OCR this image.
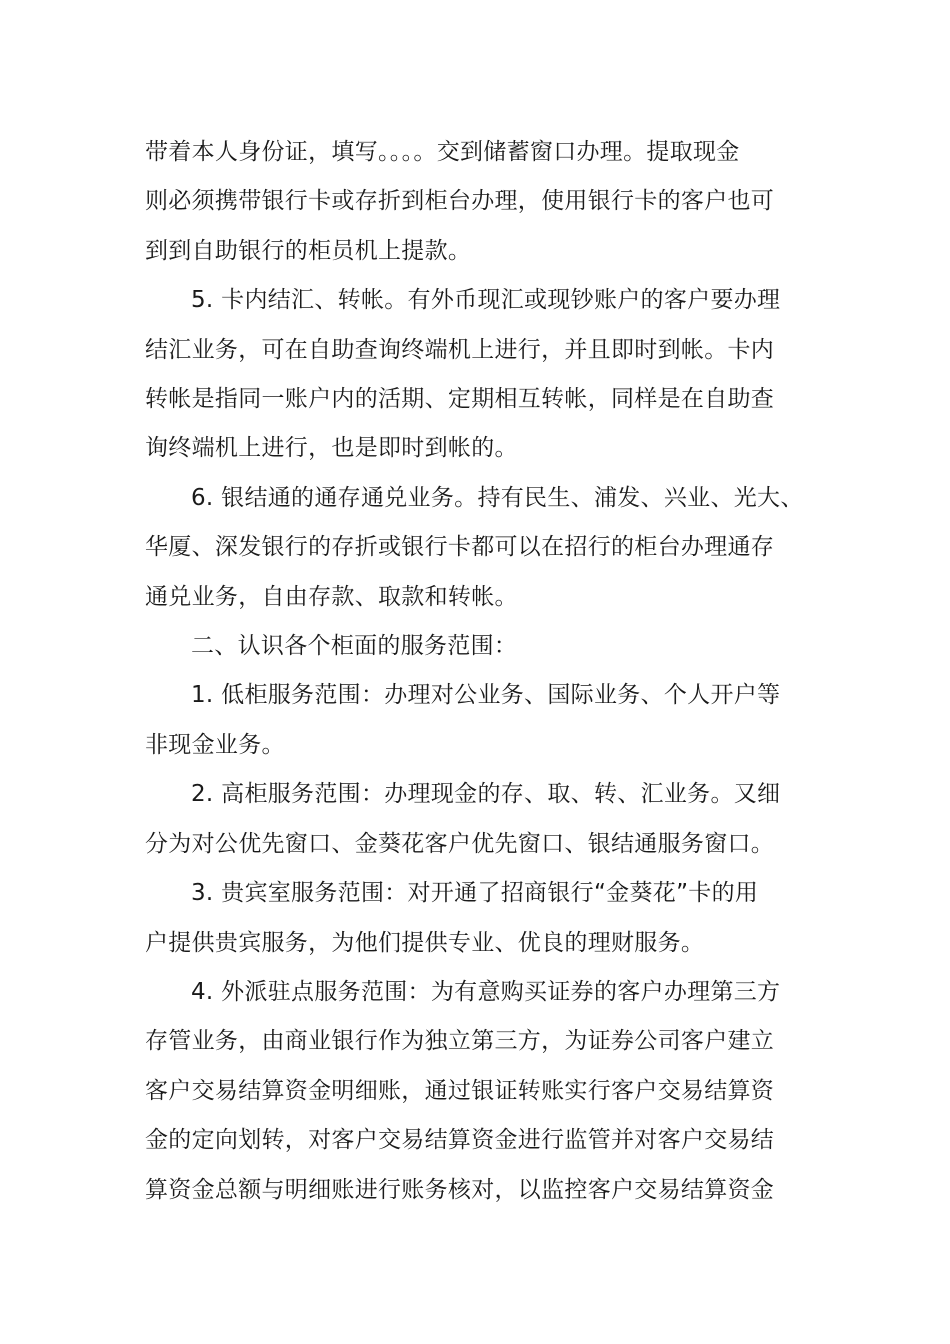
带着本人身份证，填写。。。。交到储蓄窗口办理。提取现金
则必须携带银行卡或存折到柜台办理，使用银行卡的客户也可
到到自助银行的柜员机上提款。

5. 卡内结汇、转帐。有外币现汇或现钞账户的客户要办理
结汇业务，可在自助查询终端机上进行，并且即时到帐。卡内
转帐是指同一账户内的活期、定期相互转帐，同样是在自助查
询终端机上进行，也是即时到帐的。

6. 银结通的通存通兑业务。持有民生、浦发、兴业、光大、
华厦、深发银行的存折或银行卡都可以在招行的柜台办理通存
通兑业务，自由存款、取款和转帐。

二、认识各个柜面的服务范围：

1. 低柜服务范围：办理对公业务、国际业务、个人开户等
非现金业务。

2. 高柜服务范围：办理现金的存、取、转、汇业务。又细
分为对公优先窗口、金葵花客户优先窗口、银结通服务窗口。

3. 贵宾室服务范围：对开通了招商银行“金葵花”卡的用
户提供贵宾服务，为他们提供专业、优良的理财服务。

4. 外派驻点服务范围：为有意购买证券的客户办理第三方
存管业务，由商业银行作为独立第三方，为证券公司客户建立
客户交易结算资金明细账，通过银证转账实行客户交易结算资
金的定向划转，对客户交易结算资金进行监管并对客户交易结
算资金总额与明细账进行账务核对，以监控客户交易结算资金
